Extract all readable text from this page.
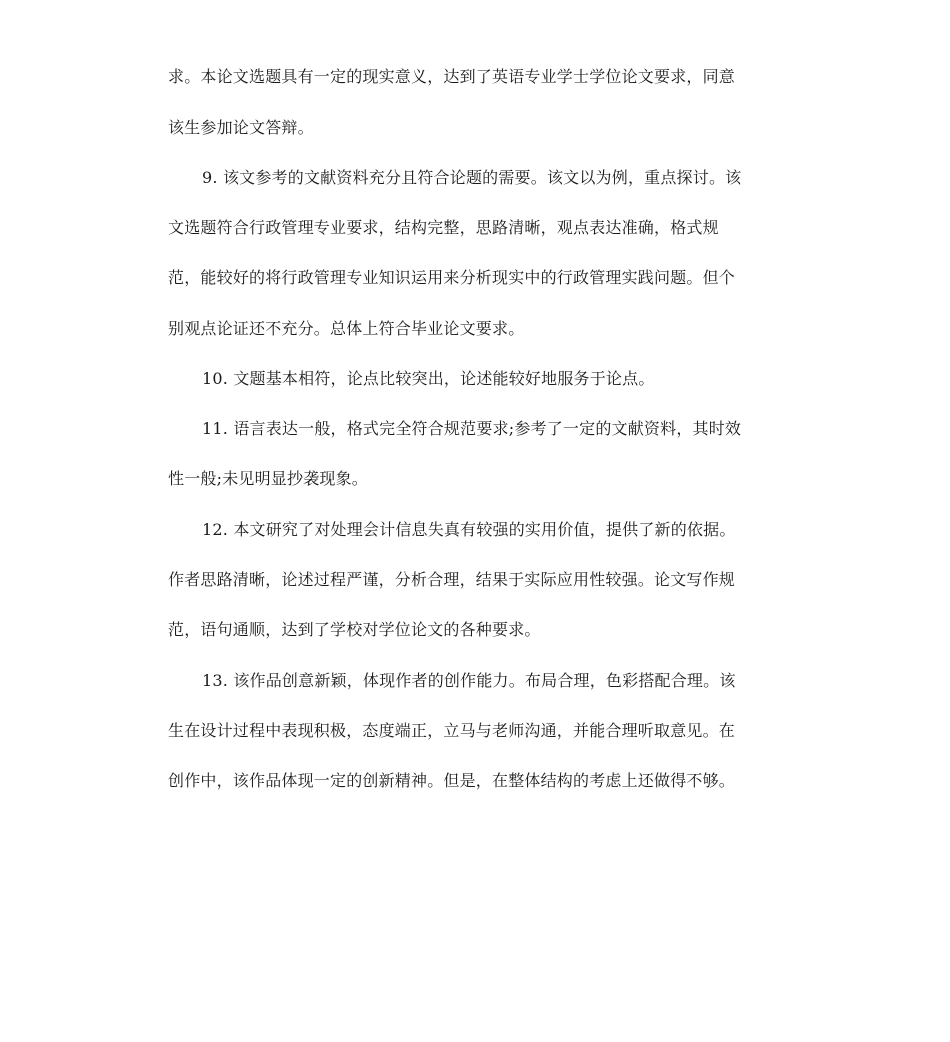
求。本论文选题具有一定的现实意义，达到了英语专业学士学位论文要求，同意
该生参加论文答辩。
9. 该文参考的文献资料充分且符合论题的需要。该文以为例，重点探讨。该
文选题符合行政管理专业要求，结构完整，思路清晰，观点表达准确，格式规
范，能较好的将行政管理专业知识运用来分析现实中的行政管理实践问题。但个
别观点论证还不充分。总体上符合毕业论文要求。
10. 文题基本相符，论点比较突出，论述能较好地服务于论点。
11. 语言表达一般，格式完全符合规范要求;参考了一定的文献资料，其时效
性一般;未见明显抄袭现象。
12. 本文研究了对处理会计信息失真有较强的实用价值，提供了新的依据。
作者思路清晰，论述过程严谨，分析合理，结果于实际应用性较强。论文写作规
范，语句通顺，达到了学校对学位论文的各种要求。
13. 该作品创意新颖，体现作者的创作能力。布局合理，色彩搭配合理。该
生在设计过程中表现积极，态度端正，立马与老师沟通，并能合理听取意见。在
创作中，该作品体现一定的创新精神。但是，在整体结构的考虑上还做得不够。
